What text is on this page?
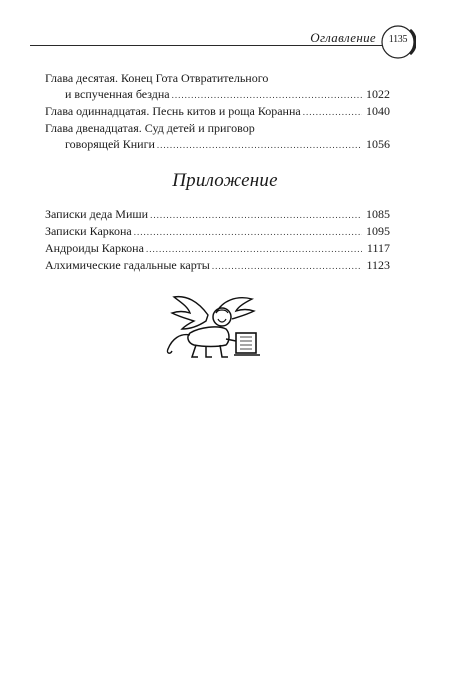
Оглавление	1135
Глава десятая. Конец Гота Отвратительного
и вспученная бездна .....	1022
Глава одиннадцатая. Песнь китов и роща Коранна .....	1040
Глава двенадцатая. Суд детей и приговор
говорящей Книги .....	1056
Приложение
Записки деда Миши .....	1085
Записки Каркона .....	1095
Андроиды Каркона .....	1117
Алхимические гадальные карты .....	1123
